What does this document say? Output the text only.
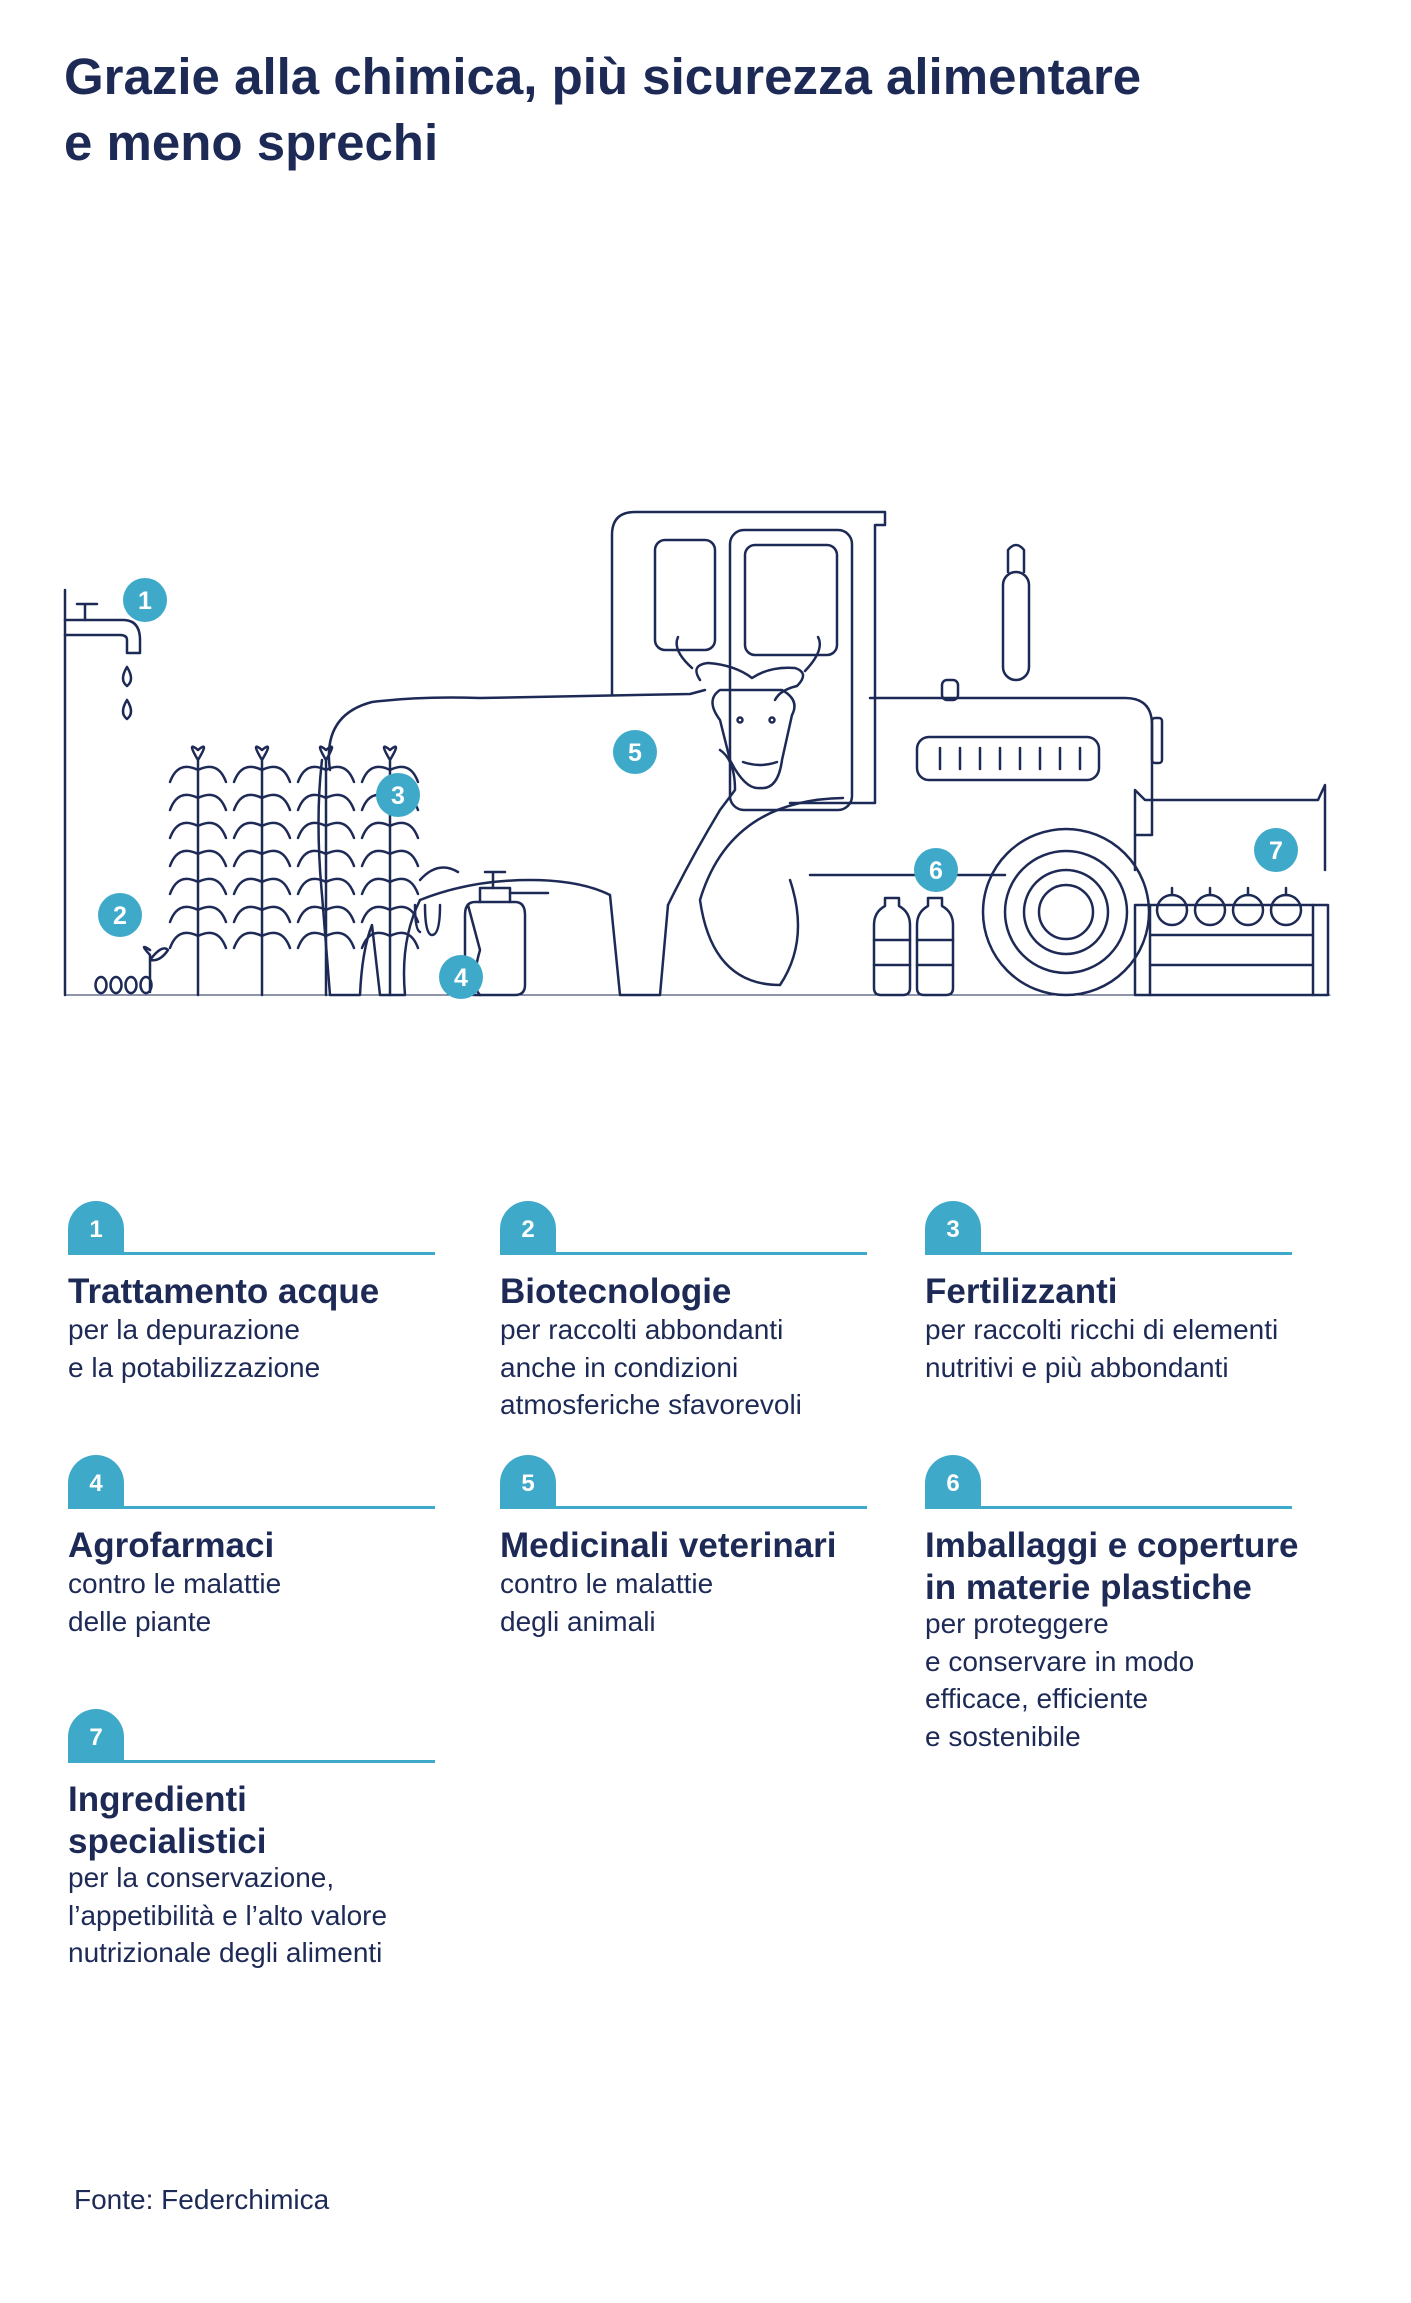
Grazie alla chimica, più sicurezza alimentare
e meno sprechi
1
2
3
4
5
6
7
1
Trattamento acque
per la depurazione
e la potabilizzazione
2
Biotecnologie
per raccolti abbondanti
anche in condizioni
atmosferiche sfavorevoli
3
Fertilizzanti
per raccolti ricchi di elementi
nutritivi e più abbondanti
4
Agrofarmaci
contro le malattie
delle piante
5
Medicinali veterinari
contro le malattie
degli animali
6
Imballaggi e coperture
in materie plastiche
per proteggere
e conservare in modo
efficace, efficiente
e sostenibile
7
Ingredienti
specialistici
per la conservazione,
l’appetibilità e l’alto valore
nutrizionale degli alimenti
Fonte: Federchimica
